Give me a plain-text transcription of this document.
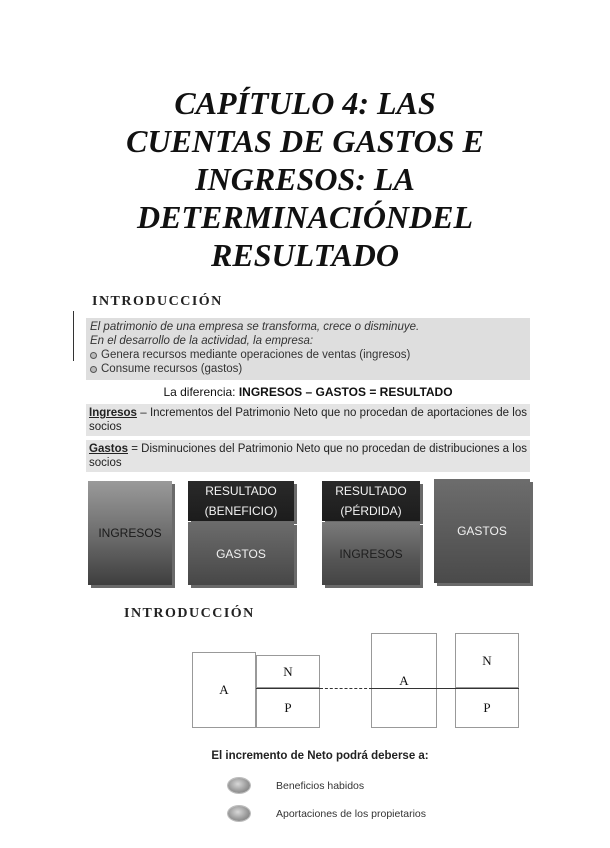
CAPÍTULO 4: LAS
CUENTAS DE GASTOS E
INGRESOS: LA
DETERMINACIÓNDEL
RESULTADO
INTRODUCCIÓN
El patrimonio de una empresa se transforma, crece o disminuye.
En el desarrollo de la actividad, la empresa:
Genera recursos mediante operaciones de ventas (ingresos)
Consume recursos (gastos)
La diferencia: INGRESOS – GASTOS = RESULTADO
Ingresos – Incrementos del Patrimonio Neto que no procedan de aportaciones de los socios
Gastos = Disminuciones del Patrimonio Neto que no procedan de distribuciones a los socios
INGRESOS
RESULTADO
(BENEFICIO)
GASTOS
RESULTADO
(PÉRDIDA)
INGRESOS
GASTOS
INTRODUCCIÓN
A
N
P
A
N
P
El incremento de Neto podrá deberse a:
Beneficios habidos
Aportaciones de los propietarios
